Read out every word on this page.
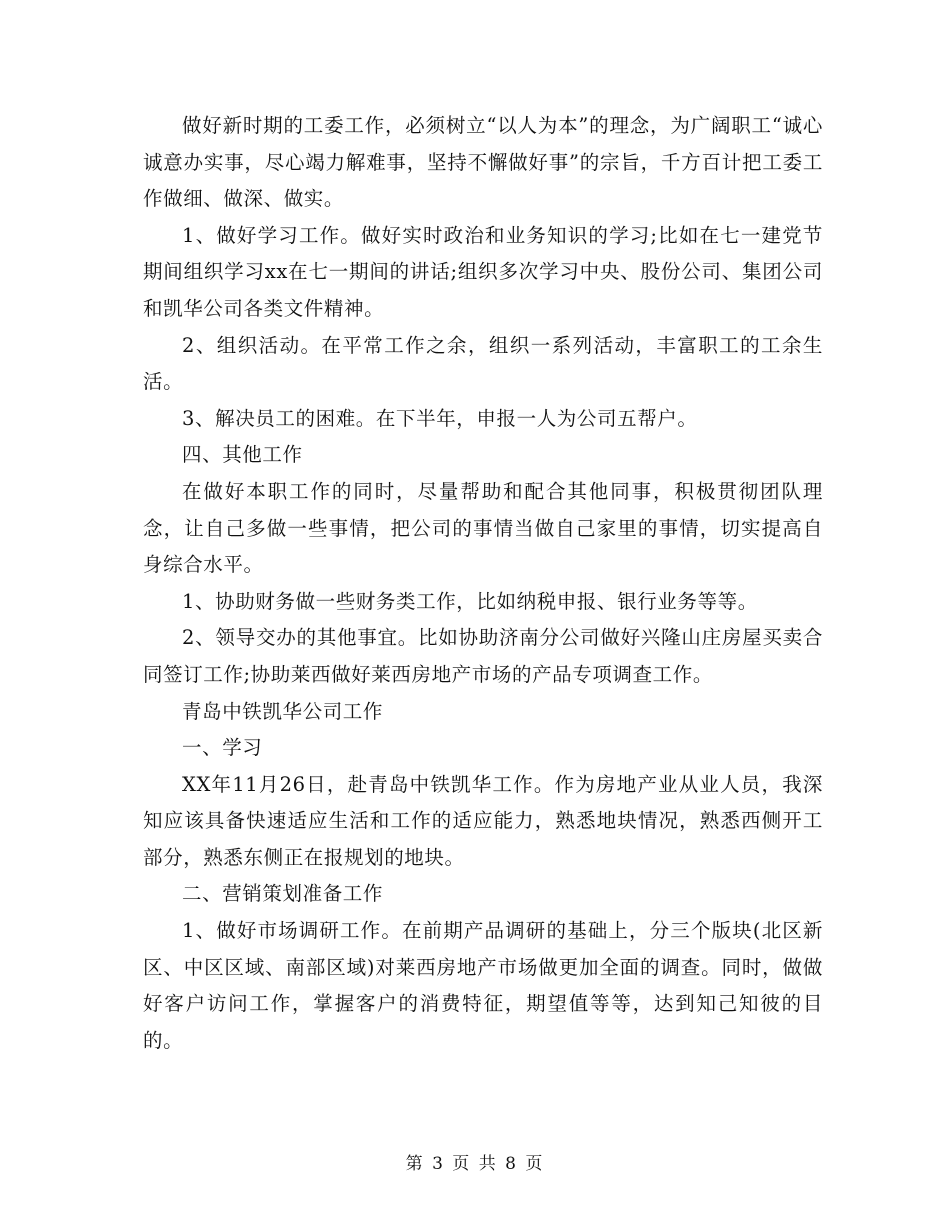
做好新时期的工委工作，必须树立“以人为本”的理念，为广阔职工“诚心诚意办实事，尽心竭力解难事，坚持不懈做好事”的宗旨，千方百计把工委工作做细、做深、做实。

1、做好学习工作。做好实时政治和业务知识的学习;比如在七一建党节期间组织学习xx在七一期间的讲话;组织多次学习中央、股份公司、集团公司和凯华公司各类文件精神。

2、组织活动。在平常工作之余，组织一系列活动，丰富职工的工余生活。

3、解决员工的困难。在下半年，申报一人为公司五帮户。

四、其他工作

在做好本职工作的同时，尽量帮助和配合其他同事，积极贯彻团队理念，让自己多做一些事情，把公司的事情当做自己家里的事情，切实提高自身综合水平。

1、协助财务做一些财务类工作，比如纳税申报、银行业务等等。

2、领导交办的其他事宜。比如协助济南分公司做好兴隆山庄房屋买卖合同签订工作;协助莱西做好莱西房地产市场的产品专项调查工作。

青岛中铁凯华公司工作

一、学习

XX年11月26日，赴青岛中铁凯华工作。作为房地产业从业人员，我深知应该具备快速适应生活和工作的适应能力，熟悉地块情况，熟悉西侧开工部分，熟悉东侧正在报规划的地块。

二、营销策划准备工作

1、做好市场调研工作。在前期产品调研的基础上，分三个版块(北区新区、中区区域、南部区域)对莱西房地产市场做更加全面的调查。同时，做做好客户访问工作，掌握客户的消费特征，期望值等等，达到知己知彼的目的。

第 3 页 共 8 页
